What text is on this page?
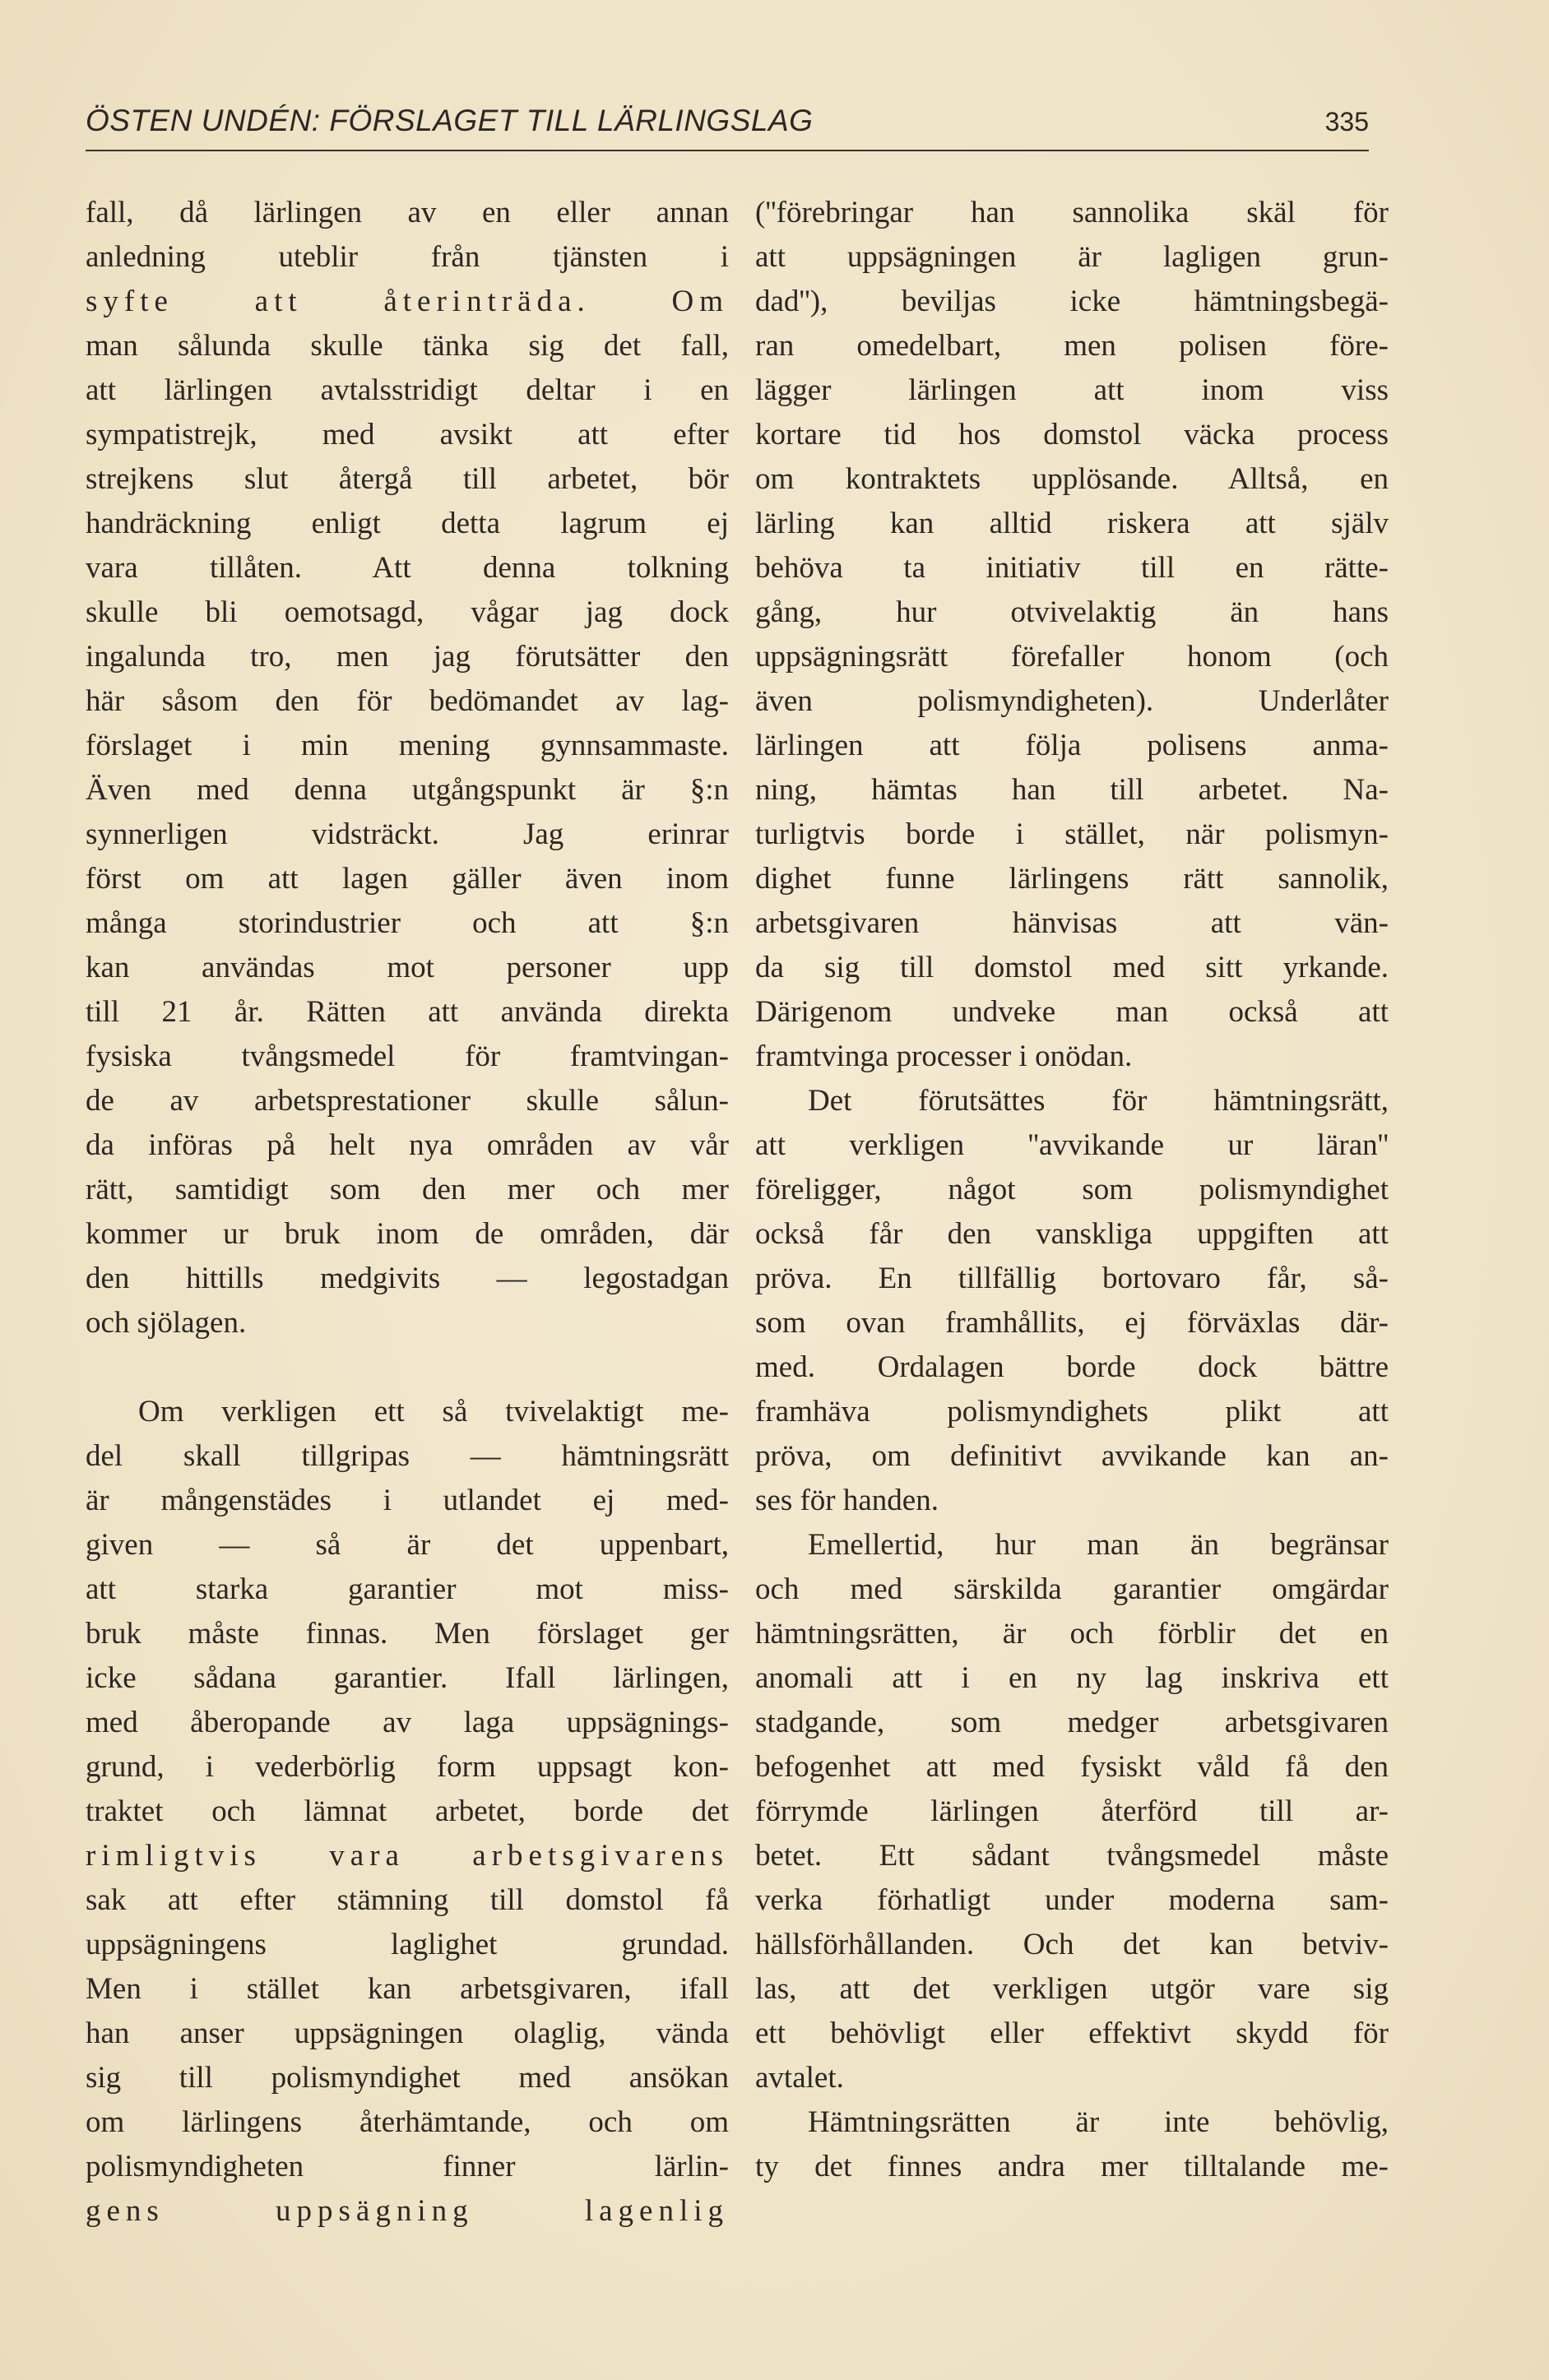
ÖSTEN UNDÉN: FÖRSLAGET TILL LÄRLINGSLAG	335
fall, då lärlingen av en eller annan
anledning uteblir från tjänsten i
syfte att återinträda. Om
man sålunda skulle tänka sig det fall,
att lärlingen avtalsstridigt deltar i en
sympatistrejk, med avsikt att efter
strejkens slut återgå till arbetet, bör
handräckning enligt detta lagrum ej
vara tillåten. Att denna tolkning
skulle bli oemotsagd, vågar jag dock
ingalunda tro, men jag förutsätter den
här såsom den för bedömandet av lag-
förslaget i min mening gynnsammaste.
Även med denna utgångspunkt är §:n
synnerligen vidsträckt. Jag erinrar
först om att lagen gäller även inom
många storindustrier och att §:n
kan användas mot personer upp
till 21 år. Rätten att använda direkta
fysiska tvångsmedel för framtvingan-
de av arbetsprestationer skulle sålun-
da införas på helt nya områden av vår
rätt, samtidigt som den mer och mer
kommer ur bruk inom de områden, där
den hittills medgivits — legostadgan
och sjölagen.
Om verkligen ett så tvivelaktigt me-
del skall tillgripas — hämtningsrätt
är mångenstädes i utlandet ej med-
given — så är det uppenbart,
att starka garantier mot miss-
bruk måste finnas. Men förslaget ger
icke sådana garantier. Ifall lärlingen,
med åberopande av laga uppsägnings-
grund, i vederbörlig form uppsagt kon-
traktet och lämnat arbetet, borde det
rimligtvis vara arbetsgivarens
sak att efter stämning till domstol få
uppsägningens laglighet grundad.
Men i stället kan arbetsgivaren, ifall
han anser uppsägningen olaglig, vända
sig till polismyndighet med ansökan
om lärlingens återhämtande, och om
polismyndigheten finner lärlin-
gens uppsägning lagenlig
(''förebringar han sannolika skäl för
att uppsägningen är lagligen grun-
dad''), beviljas icke hämtningsbegä-
ran omedelbart, men polisen före-
lägger lärlingen att inom viss
kortare tid hos domstol väcka process
om kontraktets upplösande. Alltså, en
lärling kan alltid riskera att själv
behöva ta initiativ till en rätte-
gång, hur otvivelaktig än hans
uppsägningsrätt förefaller honom (och
även polismyndigheten). Underlåter
lärlingen att följa polisens anma-
ning, hämtas han till arbetet. Na-
turligtvis borde i stället, när polismyn-
dighet funne lärlingens rätt sannolik,
arbetsgivaren hänvisas att vän-
da sig till domstol med sitt yrkande.
Därigenom undveke man också att
framtvinga processer i onödan.
Det förutsättes för hämtningsrätt,
att verkligen ''avvikande ur läran''
föreligger, något som polismyndighet
också får den vanskliga uppgiften att
pröva. En tillfällig bortovaro får, så-
som ovan framhållits, ej förväxlas där-
med. Ordalagen borde dock bättre
framhäva polismyndighets plikt att
pröva, om definitivt avvikande kan an-
ses för handen.
Emellertid, hur man än begränsar
och med särskilda garantier omgärdar
hämtningsrätten, är och förblir det en
anomali att i en ny lag inskriva ett
stadgande, som medger arbetsgivaren
befogenhet att med fysiskt våld få den
förrymde lärlingen återförd till ar-
betet. Ett sådant tvångsmedel måste
verka förhatligt under moderna sam-
hällsförhållanden. Och det kan betviv-
las, att det verkligen utgör vare sig
ett behövligt eller effektivt skydd för
avtalet.
Hämtningsrätten är inte behövlig,
ty det finnes andra mer tilltalande me-
